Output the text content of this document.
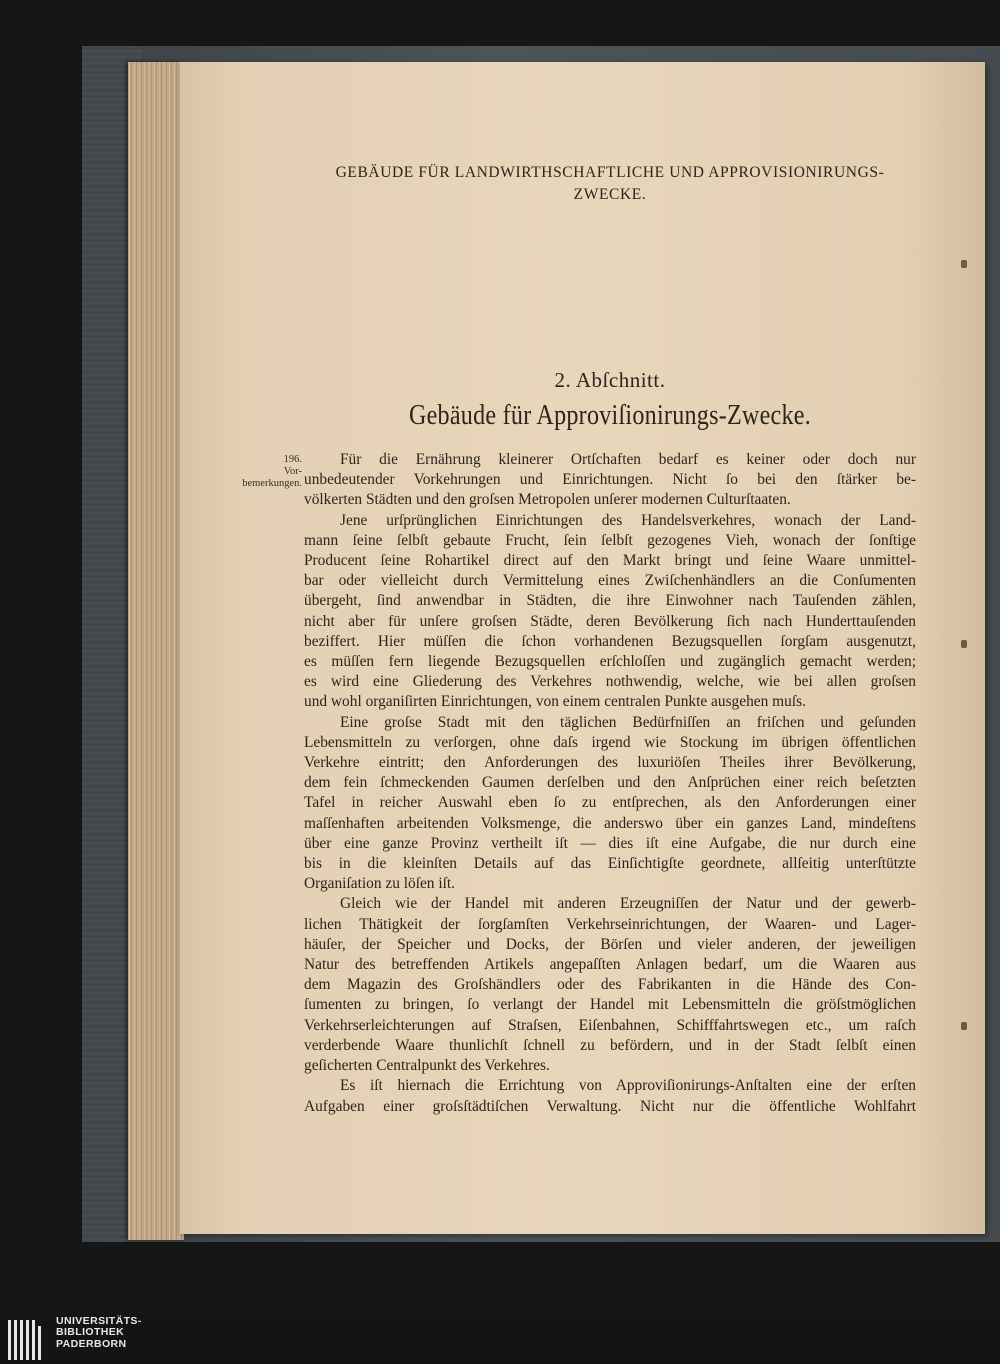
GEBÄUDE FÜR LANDWIRTHSCHAFTLICHE UND APPROVISIONIRUNGS-
ZWECKE.
2. Abſchnitt.
Gebäude für Approviſionirungs-Zwecke.
196.
Vor-
bemerkungen.

Für die Ernährung kleinerer Ortſchaften bedarf es keiner oder doch nur
unbedeutender Vorkehrungen und Einrichtungen. Nicht ſo bei den ſtärker be-
völkerten Städten und den groſsen Metropolen unſerer modernen Culturſtaaten.

Jene urſprünglichen Einrichtungen des Handelsverkehres, wonach der Land-
mann ſeine ſelbſt gebaute Frucht, ſein ſelbſt gezogenes Vieh, wonach der ſonſtige
Producent ſeine Rohartikel direct auf den Markt bringt und ſeine Waare unmittel-
bar oder vielleicht durch Vermittelung eines Zwiſchenhändlers an die Conſumenten
übergeht, ſind anwendbar in Städten, die ihre Einwohner nach Tauſenden zählen,
nicht aber für unſere groſsen Städte, deren Bevölkerung ſich nach Hunderttauſenden
beziffert. Hier müſſen die ſchon vorhandenen Bezugsquellen ſorgſam ausgenutzt,
es müſſen fern liegende Bezugsquellen erſchloſſen und zugänglich gemacht werden;
es wird eine Gliederung des Verkehres nothwendig, welche, wie bei allen groſsen
und wohl organiſirten Einrichtungen, von einem centralen Punkte ausgehen muſs.

Eine groſse Stadt mit den täglichen Bedürfniſſen an friſchen und geſunden
Lebensmitteln zu verſorgen, ohne daſs irgend wie Stockung im übrigen öffentlichen
Verkehre eintritt; den Anforderungen des luxuriöſen Theiles ihrer Bevölkerung,
dem fein ſchmeckenden Gaumen derſelben und den Anſprüchen einer reich beſetzten
Tafel in reicher Auswahl eben ſo zu entſprechen, als den Anforderungen einer
maſſenhaften arbeitenden Volksmenge, die anderswo über ein ganzes Land, mindeſtens
über eine ganze Provinz vertheilt iſt — dies iſt eine Aufgabe, die nur durch eine
bis in die kleinſten Details auf das Einſichtigſte geordnete, allſeitig unterſtützte
Organiſation zu löſen iſt.

Gleich wie der Handel mit anderen Erzeugniſſen der Natur und der gewerb-
lichen Thätigkeit der ſorgſamſten Verkehrseinrichtungen, der Waaren- und Lager-
häuſer, der Speicher und Docks, der Börſen und vieler anderen, der jeweiligen
Natur des betreffenden Artikels angepaſſten Anlagen bedarf, um die Waaren aus
dem Magazin des Groſshändlers oder des Fabrikanten in die Hände des Con-
ſumenten zu bringen, ſo verlangt der Handel mit Lebensmitteln die gröſstmöglichen
Verkehrserleichterungen auf Straſsen, Eiſenbahnen, Schifffahrtswegen etc., um raſch
verderbende Waare thunlichſt ſchnell zu befördern, und in der Stadt ſelbſt einen
geſicherten Centralpunkt des Verkehres.

Es iſt hiernach die Errichtung von Approviſionirungs-Anſtalten eine der erſten
Aufgaben einer groſsſtädtiſchen Verwaltung. Nicht nur die öffentliche Wohlfahrt

UNIVERSITÄTS-
BIBLIOTHEK
PADERBORN
